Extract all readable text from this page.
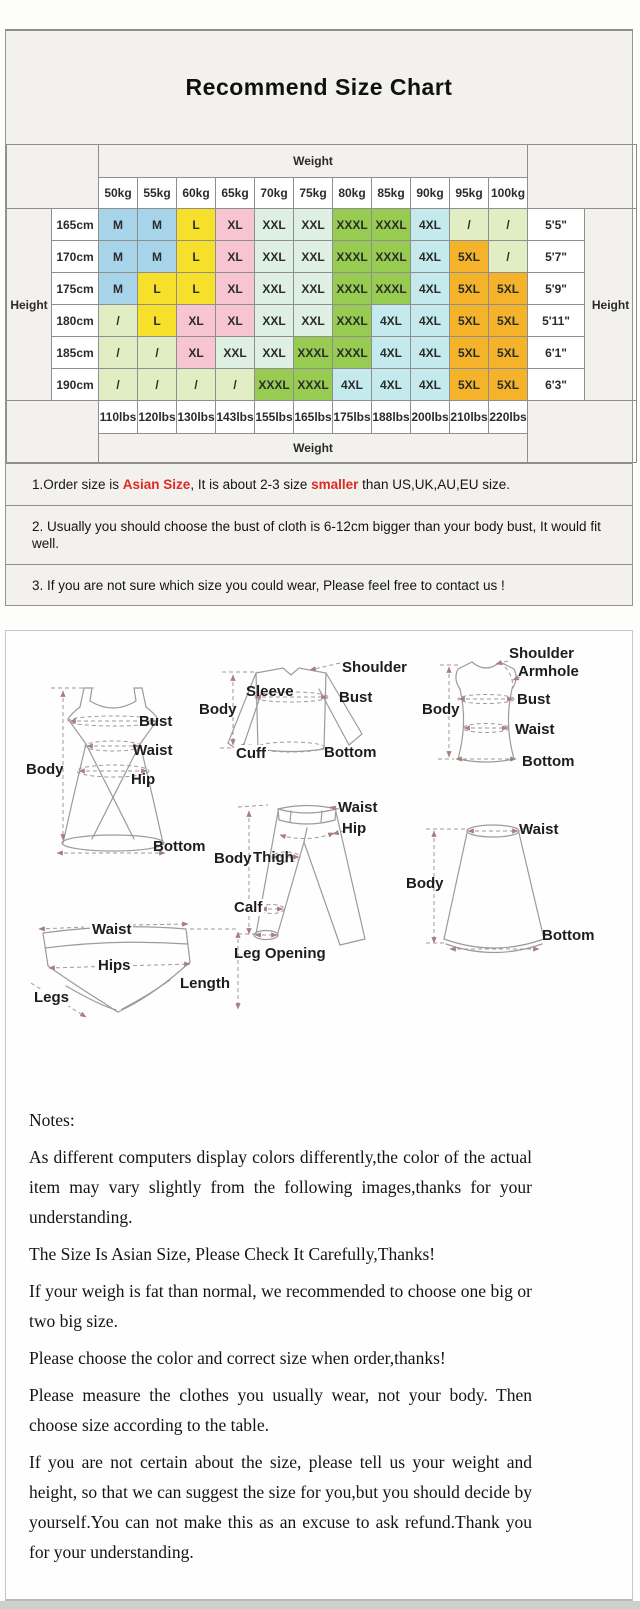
Recommend Size Chart
		Weight												
		50kg	55kg	60kg	65kg	70kg	75kg	80kg	85kg	90kg	95kg	100kg		
Height	165cm	M	M	L	XL	XXL	XXL	XXXL	XXXL	4XL	/	/	5'5"	Height
	170cm	M	M	L	XL	XXL	XXL	XXXL	XXXL	4XL	5XL	/	5'7"	
	175cm	M	L	L	XL	XXL	XXL	XXXL	XXXL	4XL	5XL	5XL	5'9"	
	180cm	/	L	XL	XL	XXL	XXL	XXXL	4XL	4XL	5XL	5XL	5'11"	
	185cm	/	/	XL	XXL	XXL	XXXL	XXXL	4XL	4XL	5XL	5XL	6'1"	
	190cm	/	/	/	/	XXXL	XXXL	4XL	4XL	4XL	5XL	5XL	6'3"	
		110lbs	120lbs	130lbs	143lbs	155lbs	165lbs	175lbs	188lbs	200lbs	210lbs	220lbs		
		Weight												
1.Order size is Asian Size, It is about 2-3 size smaller than US,UK,AU,EU size.
2. Usually you should choose the bust of cloth is 6-12cm bigger than your body bust, It would fit well.
3. If you are not sure which size you could wear, Please feel free to contact us !
Body
Bust
Waist
Hip
Bottom
Shoulder
Sleeve
Body
Bust
Cuff	Bottom
Shoulder
Armhole
Body
Bust
Waist
Bottom
Waist
Hip
Body Thigh
Calf
Leg Opening
Waist
Body
Bottom
Waist
Hips
Legs
Length
Notes:

As different computers display colors differently,the color of the actual item may vary slightly from the following images,thanks for your understanding.

The Size Is Asian Size, Please Check It Carefully,Thanks!

If your weigh is fat than normal, we recommended to choose one big or two big size.

Please choose the color and correct size when order,thanks!

Please measure the clothes you usually wear, not your body. Then choose size according to the table.

If you are not certain about the size, please tell us your weight and height, so that we can suggest the size for you,but you should decide by yourself.You can not make this as an excuse to ask refund.Thank you for your understanding.
